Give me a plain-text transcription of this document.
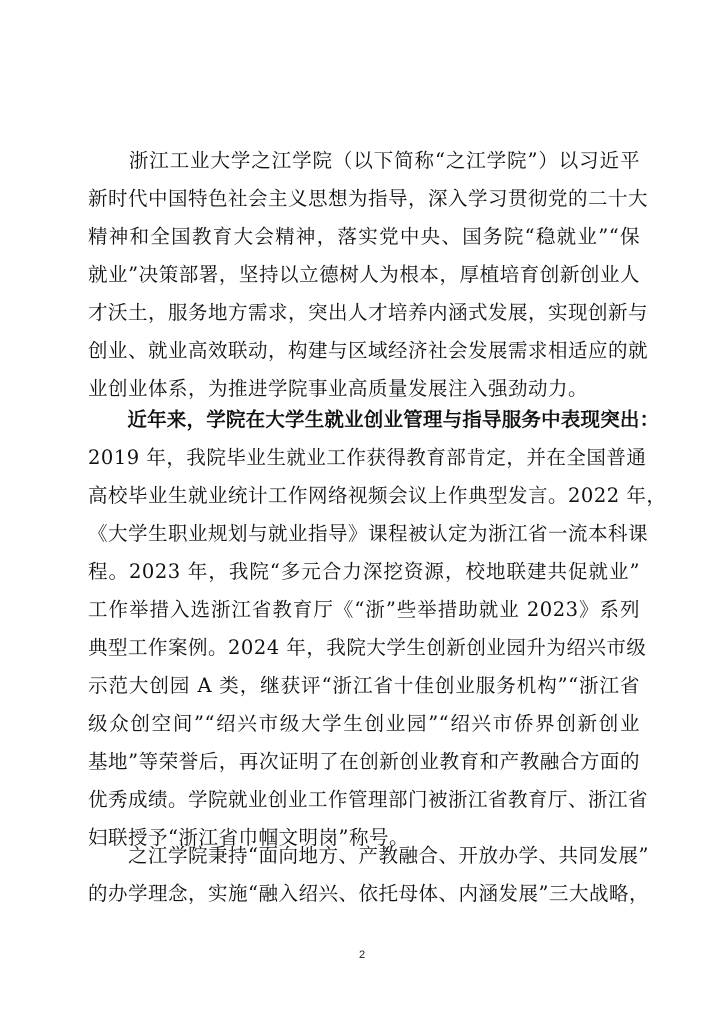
　　浙江工业大学之江学院（以下简称“之江学院”）以习近平
新时代中国特色社会主义思想为指导，深入学习贯彻党的二十大
精神和全国教育大会精神，落实党中央、国务院“稳就业”“保
就业”决策部署，坚持以立德树人为根本，厚植培育创新创业人
才沃土，服务地方需求，突出人才培养内涵式发展，实现创新与
创业、就业高效联动，构建与区域经济社会发展需求相适应的就
业创业体系，为推进学院事业高质量发展注入强劲动力。
　　近年来，学院在大学生就业创业管理与指导服务中表现突出：
2019 年，我院毕业生就业工作获得教育部肯定，并在全国普通
高校毕业生就业统计工作网络视频会议上作典型发言。2022 年，
《大学生职业规划与就业指导》课程被认定为浙江省一流本科课
程。2023 年，我院“多元合力深挖资源，校地联建共促就业”
工作举措入选浙江省教育厅《“浙”些举措助就业 2023》系列
典型工作案例。2024 年，我院大学生创新创业园升为绍兴市级
示范大创园 A 类，继获评“浙江省十佳创业服务机构”“浙江省
级众创空间”“绍兴市级大学生创业园”“绍兴市侨界创新创业
基地”等荣誉后，再次证明了在创新创业教育和产教融合方面的
优秀成绩。学院就业创业工作管理部门被浙江省教育厅、浙江省
妇联授予“浙江省巾帼文明岗”称号。
　　之江学院秉持“面向地方、产教融合、开放办学、共同发展”
的办学理念，实施“融入绍兴、依托母体、内涵发展”三大战略，
2
